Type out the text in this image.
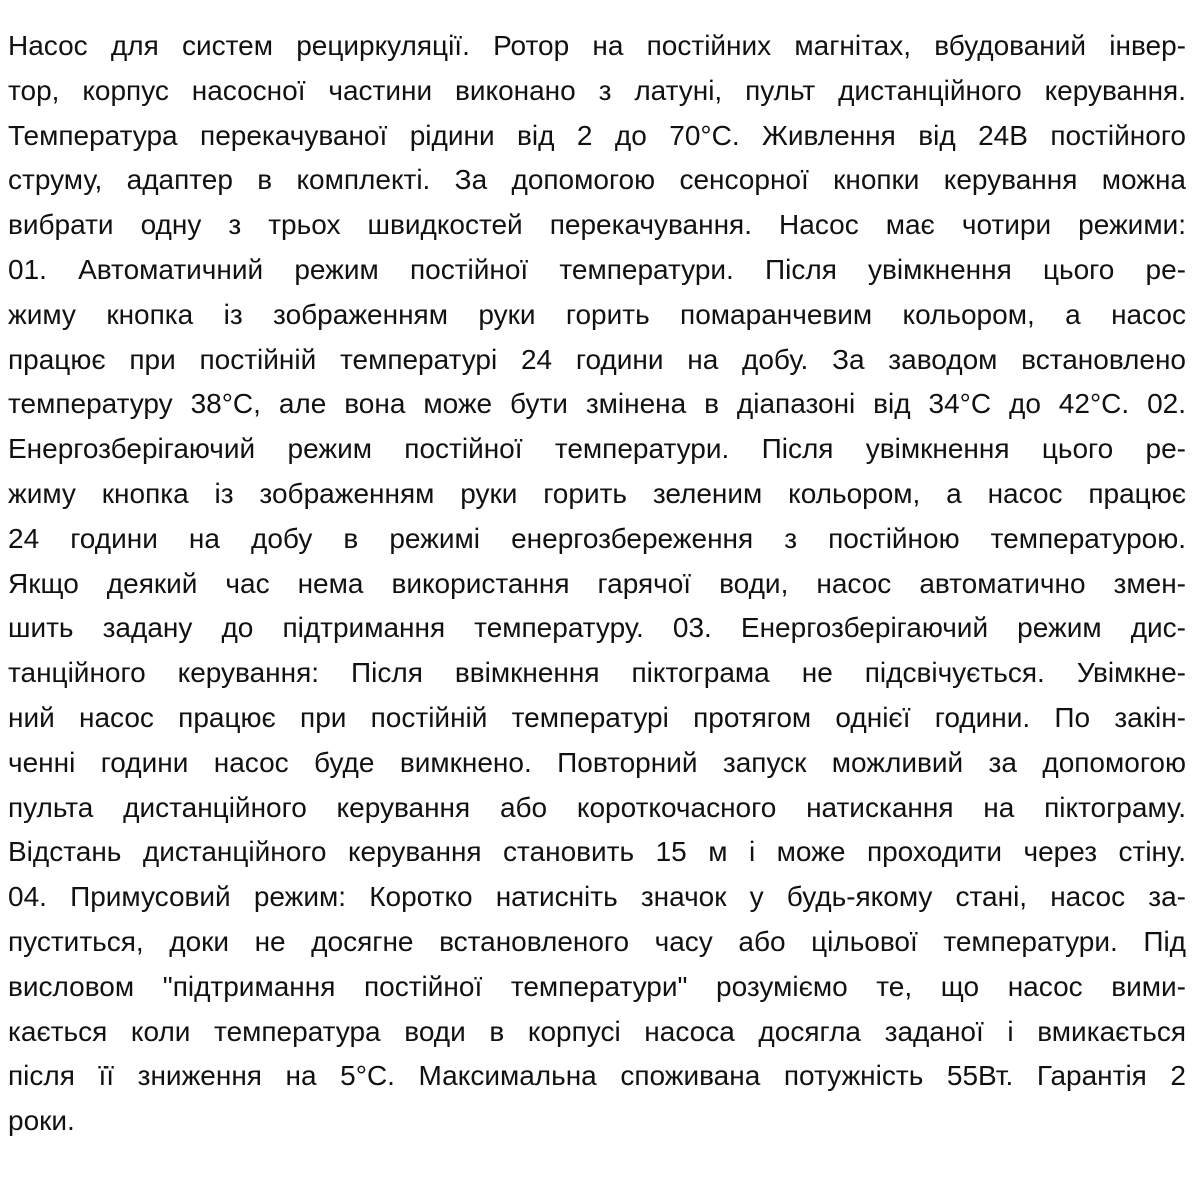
Насос для систем рециркуляції. Ротор на постійних магнітах, вбудований інвер-
тор, корпус насосної частини виконано з латуні, пульт дистанційного керування.
Температура перекачуваної рідини від 2 до 70°C. Живлення від 24В постійного
струму, адаптер в комплекті. За допомогою сенсорної кнопки керування можна
вибрати одну з трьох швидкостей перекачування. Насос має чотири режими:
01. Автоматичний режим постійної температури. Після увімкнення цього ре-
жиму кнопка із зображенням руки горить помаранчевим кольором, а насос
працює при постійній температурі 24 години на добу. За заводом встановлено
температуру 38°C, але вона може бути змінена в діапазоні від 34°C до 42°C. 02.
Енергозберігаючий режим постійної температури. Після увімкнення цього ре-
жиму кнопка із зображенням руки горить зеленим кольором, а насос працює
24 години на добу в режимі енергозбереження з постійною температурою.
Якщо деякий час нема використання гарячої води, насос автоматично змен-
шить задану до підтримання температуру. 03. Енергозберігаючий режим дис-
танційного керування: Після ввімкнення піктограма не підсвічується. Увімкне-
ний насос працює при постійній температурі протягом однієї години. По закін-
ченні години насос буде вимкнено. Повторний запуск можливий за допомогою
пульта дистанційного керування або короткочасного натискання на піктограму.
Відстань дистанційного керування становить 15 м і може проходити через стіну.
04. Примусовий режим: Коротко натисніть значок у будь-якому стані, насос за-
пуститься, доки не досягне встановленого часу або цільової температури. Під
висловом "підтримання постійної температури" розуміємо те, що насос вими-
кається коли температура води в корпусі насоса досягла заданої і вмикається
після її зниження на 5°C. Максимальна споживана потужність 55Вт. Гарантія 2
роки.
